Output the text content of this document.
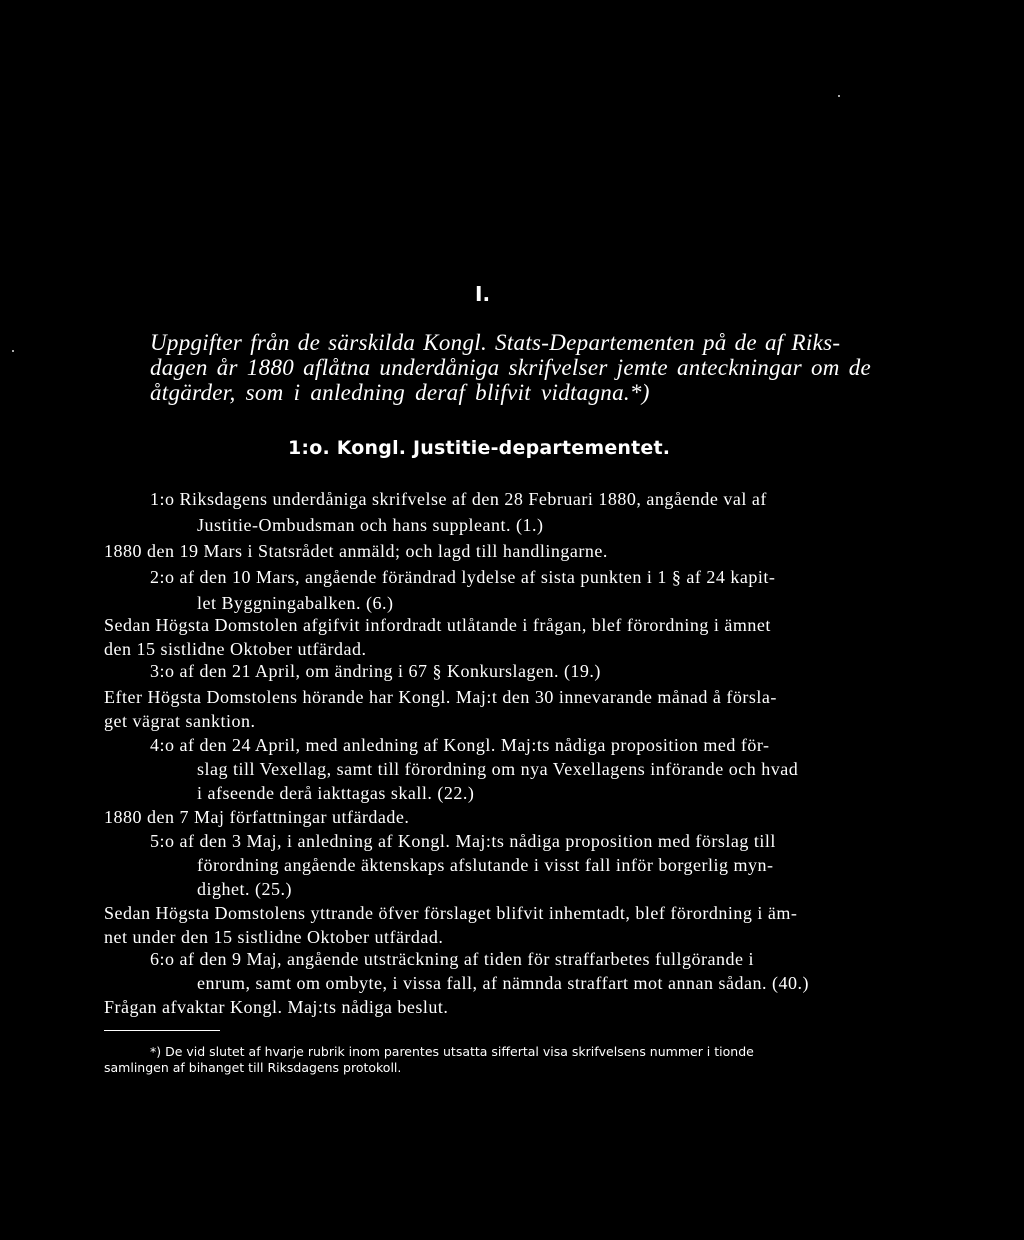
I.
Uppgifter från de särskilda Kongl. Stats-Departementen på de af Riks-
dagen år 1880 aflåtna underdåniga skrifvelser jemte anteckningar om de
åtgärder, som i anledning deraf blifvit vidtagna.*)
1:o. Kongl. Justitie-departementet.
1:o Riksdagens underdåniga skrifvelse af den 28 Februari 1880, angående val af
Justitie-Ombudsman och hans suppleant. (1.)
1880 den 19 Mars i Statsrådet anmäld; och lagd till handlingarne.
2:o af den 10 Mars, angående förändrad lydelse af sista punkten i 1 § af 24 kapit-
let Byggningabalken. (6.)
Sedan Högsta Domstolen afgifvit infordradt utlåtande i frågan, blef förordning i ämnet
den 15 sistlidne Oktober utfärdad.
3:o af den 21 April, om ändring i 67 § Konkurslagen. (19.)
Efter Högsta Domstolens hörande har Kongl. Maj:t den 30 innevarande månad å försla-
get vägrat sanktion.
4:o af den 24 April, med anledning af Kongl. Maj:ts nådiga proposition med för-
slag till Vexellag, samt till förordning om nya Vexellagens införande och hvad
i afseende derå iakttagas skall. (22.)
1880 den 7 Maj författningar utfärdade.
5:o af den 3 Maj, i anledning af Kongl. Maj:ts nådiga proposition med förslag till
förordning angående äktenskaps afslutande i visst fall inför borgerlig myn-
dighet. (25.)
Sedan Högsta Domstolens yttrande öfver förslaget blifvit inhemtadt, blef förordning i äm-
net under den 15 sistlidne Oktober utfärdad.
6:o af den 9 Maj, angående utsträckning af tiden för straffarbetes fullgörande i
enrum, samt om ombyte, i vissa fall, af nämnda straffart mot annan sådan. (40.)
Frågan afvaktar Kongl. Maj:ts nådiga beslut.
*) De vid slutet af hvarje rubrik inom parentes utsatta siffertal visa skrifvelsens nummer i tionde
samlingen af bihanget till Riksdagens protokoll.
